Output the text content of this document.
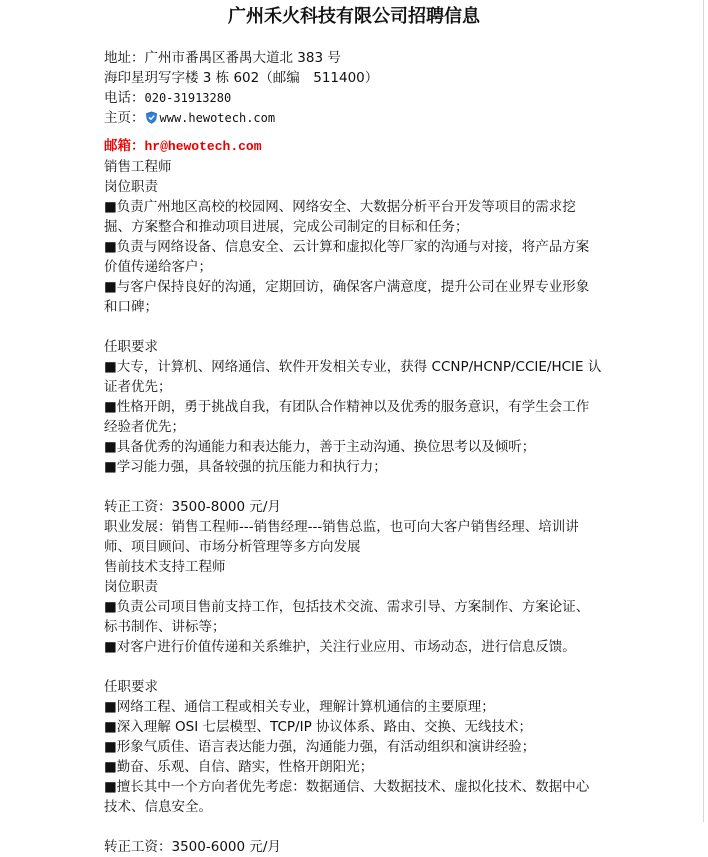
广州禾火科技有限公司招聘信息

地址：广州市番禺区番禺大道北 383 号

海印星玥写字楼 3 栋 602（邮编　511400）

电话：020-31913280

主页： www.hewotech.com

邮箱：hr@hewotech.com

销售工程师

岗位职责

■负责广州地区高校的校园网、网络安全、大数据分析平台开发等项目的需求挖掘、方案整合和推动项目进展，完成公司制定的目标和任务；

■负责与网络设备、信息安全、云计算和虚拟化等厂家的沟通与对接，将产品方案价值传递给客户；

■与客户保持良好的沟通，定期回访，确保客户满意度，提升公司在业界专业形象和口碑；

任职要求

■大专，计算机、网络通信、软件开发相关专业，获得 CCNP/HCNP/CCIE/HCIE 认证者优先；

■性格开朗，勇于挑战自我，有团队合作精神以及优秀的服务意识，有学生会工作经验者优先；

■具备优秀的沟通能力和表达能力，善于主动沟通、换位思考以及倾听；

■学习能力强，具备较强的抗压能力和执行力；

转正工资：3500-8000 元/月

职业发展：销售工程师---销售经理---销售总监，也可向大客户销售经理、培训讲师、项目顾问、市场分析管理等多方向发展

售前技术支持工程师

岗位职责

■负责公司项目售前支持工作，包括技术交流、需求引导、方案制作、方案论证、标书制作、讲标等；

■对客户进行价值传递和关系维护，关注行业应用、市场动态，进行信息反馈。

任职要求

■网络工程、通信工程或相关专业，理解计算机通信的主要原理；

■深入理解 OSI 七层模型、TCP/IP 协议体系、路由、交换、无线技术；

■形象气质佳、语言表达能力强，沟通能力强，有活动组织和演讲经验；

■勤奋、乐观、自信、踏实，性格开朗阳光；

■擅长其中一个方向者优先考虑：数据通信、大数据技术、虚拟化技术、数据中心技术、信息安全。

转正工资：3500-6000 元/月
